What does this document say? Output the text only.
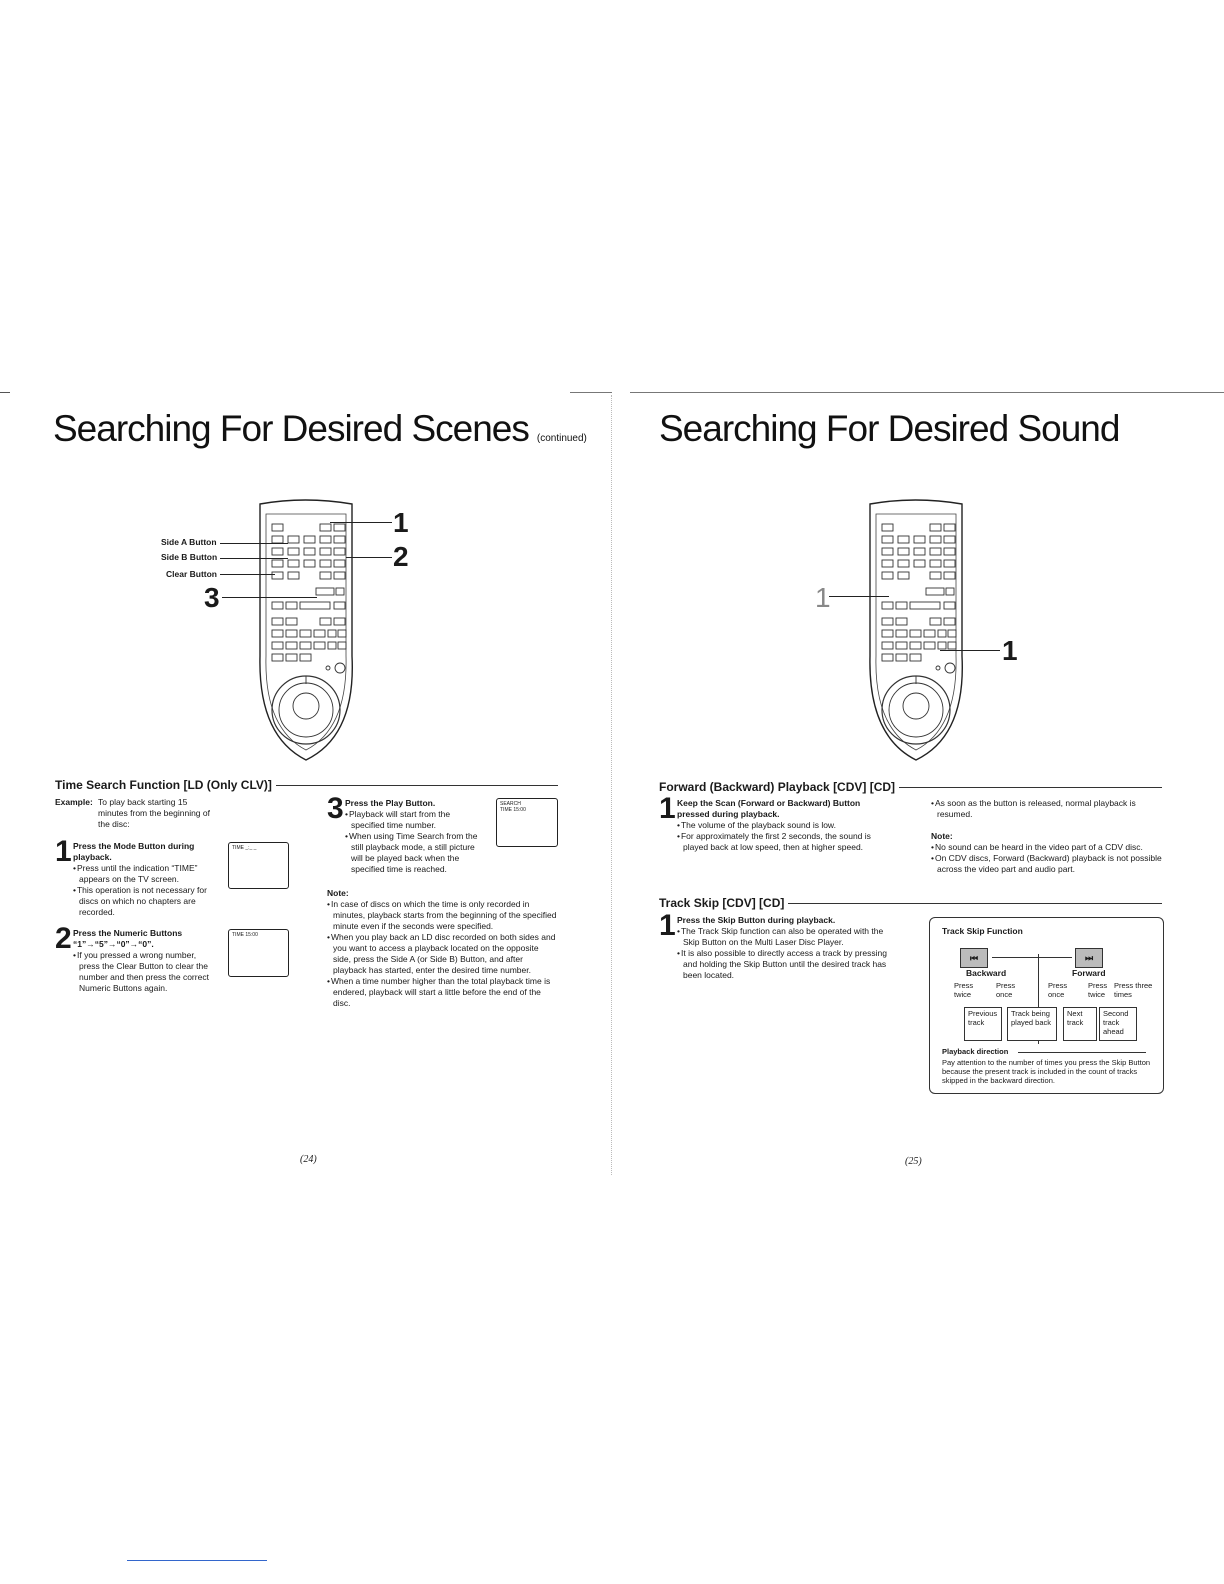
Searching For Desired Scenes (continued)
Side A Button
Side B Button
Clear Button
3
1
2
Time Search Function [LD (Only CLV)]
Example: To play back starting 15 minutes from the beginning of the disc:
1 Press the Mode Button during playback.
• Press until the indication “TIME” appears on the TV screen.
• This operation is not necessary for discs on which no chapters are recorded.
TIME _:_ _
2 Press the Numeric Buttons “1”→“5”→“0”→“0”.
• If you pressed a wrong number, press the Clear Button to clear the number and then press the correct Numeric Buttons again.
TIME 15:00
3 Press the Play Button.
• Playback will start from the specified time number.
• When using Time Search from the still playback mode, a still picture will be played back when the specified time is reached.
SEARCH
TIME 15:00
Note:
• In case of discs on which the time is only recorded in minutes, playback starts from the beginning of the specified minute even if the seconds were specified.
• When you play back an LD disc recorded on both sides and you want to access a playback located on the opposite side, press the Side A (or Side B) Button, and after playback has started, enter the desired time number.
• When a time number higher than the total playback time is endered, playback will start a little before the end of the disc.
(24)
Searching For Desired Sound
1
1
Forward (Backward) Playback [CDV] [CD]
1 Keep the Scan (Forward or Backward) Button pressed during playback.
• The volume of the playback sound is low.
• For approximately the first 2 seconds, the sound is played back at low speed, then at higher speed.
• As soon as the button is released, normal playback is resumed.
Note:
• No sound can be heard in the video part of a CDV disc.
• On CDV discs, Forward (Backward) playback is not possible across the video part and audio part.
Track Skip [CDV] [CD]
1 Press the Skip Button during playback.
• The Track Skip function can also be operated with the Skip Button on the Multi Laser Disc Player.
• It is also possible to directly access a track by pressing and holding the Skip Button until the desired track has been located.
Track Skip Function
⏮	⏭
Backward	Forward
Press twice
Press once
Press once
Press twice
Press three times
Previous track
Track being played back
Next track
Second track ahead
Playback direction
Pay attention to the number of times you press the Skip Button because the present track is included in the count of tracks skipped in the backward direction.
(25)
